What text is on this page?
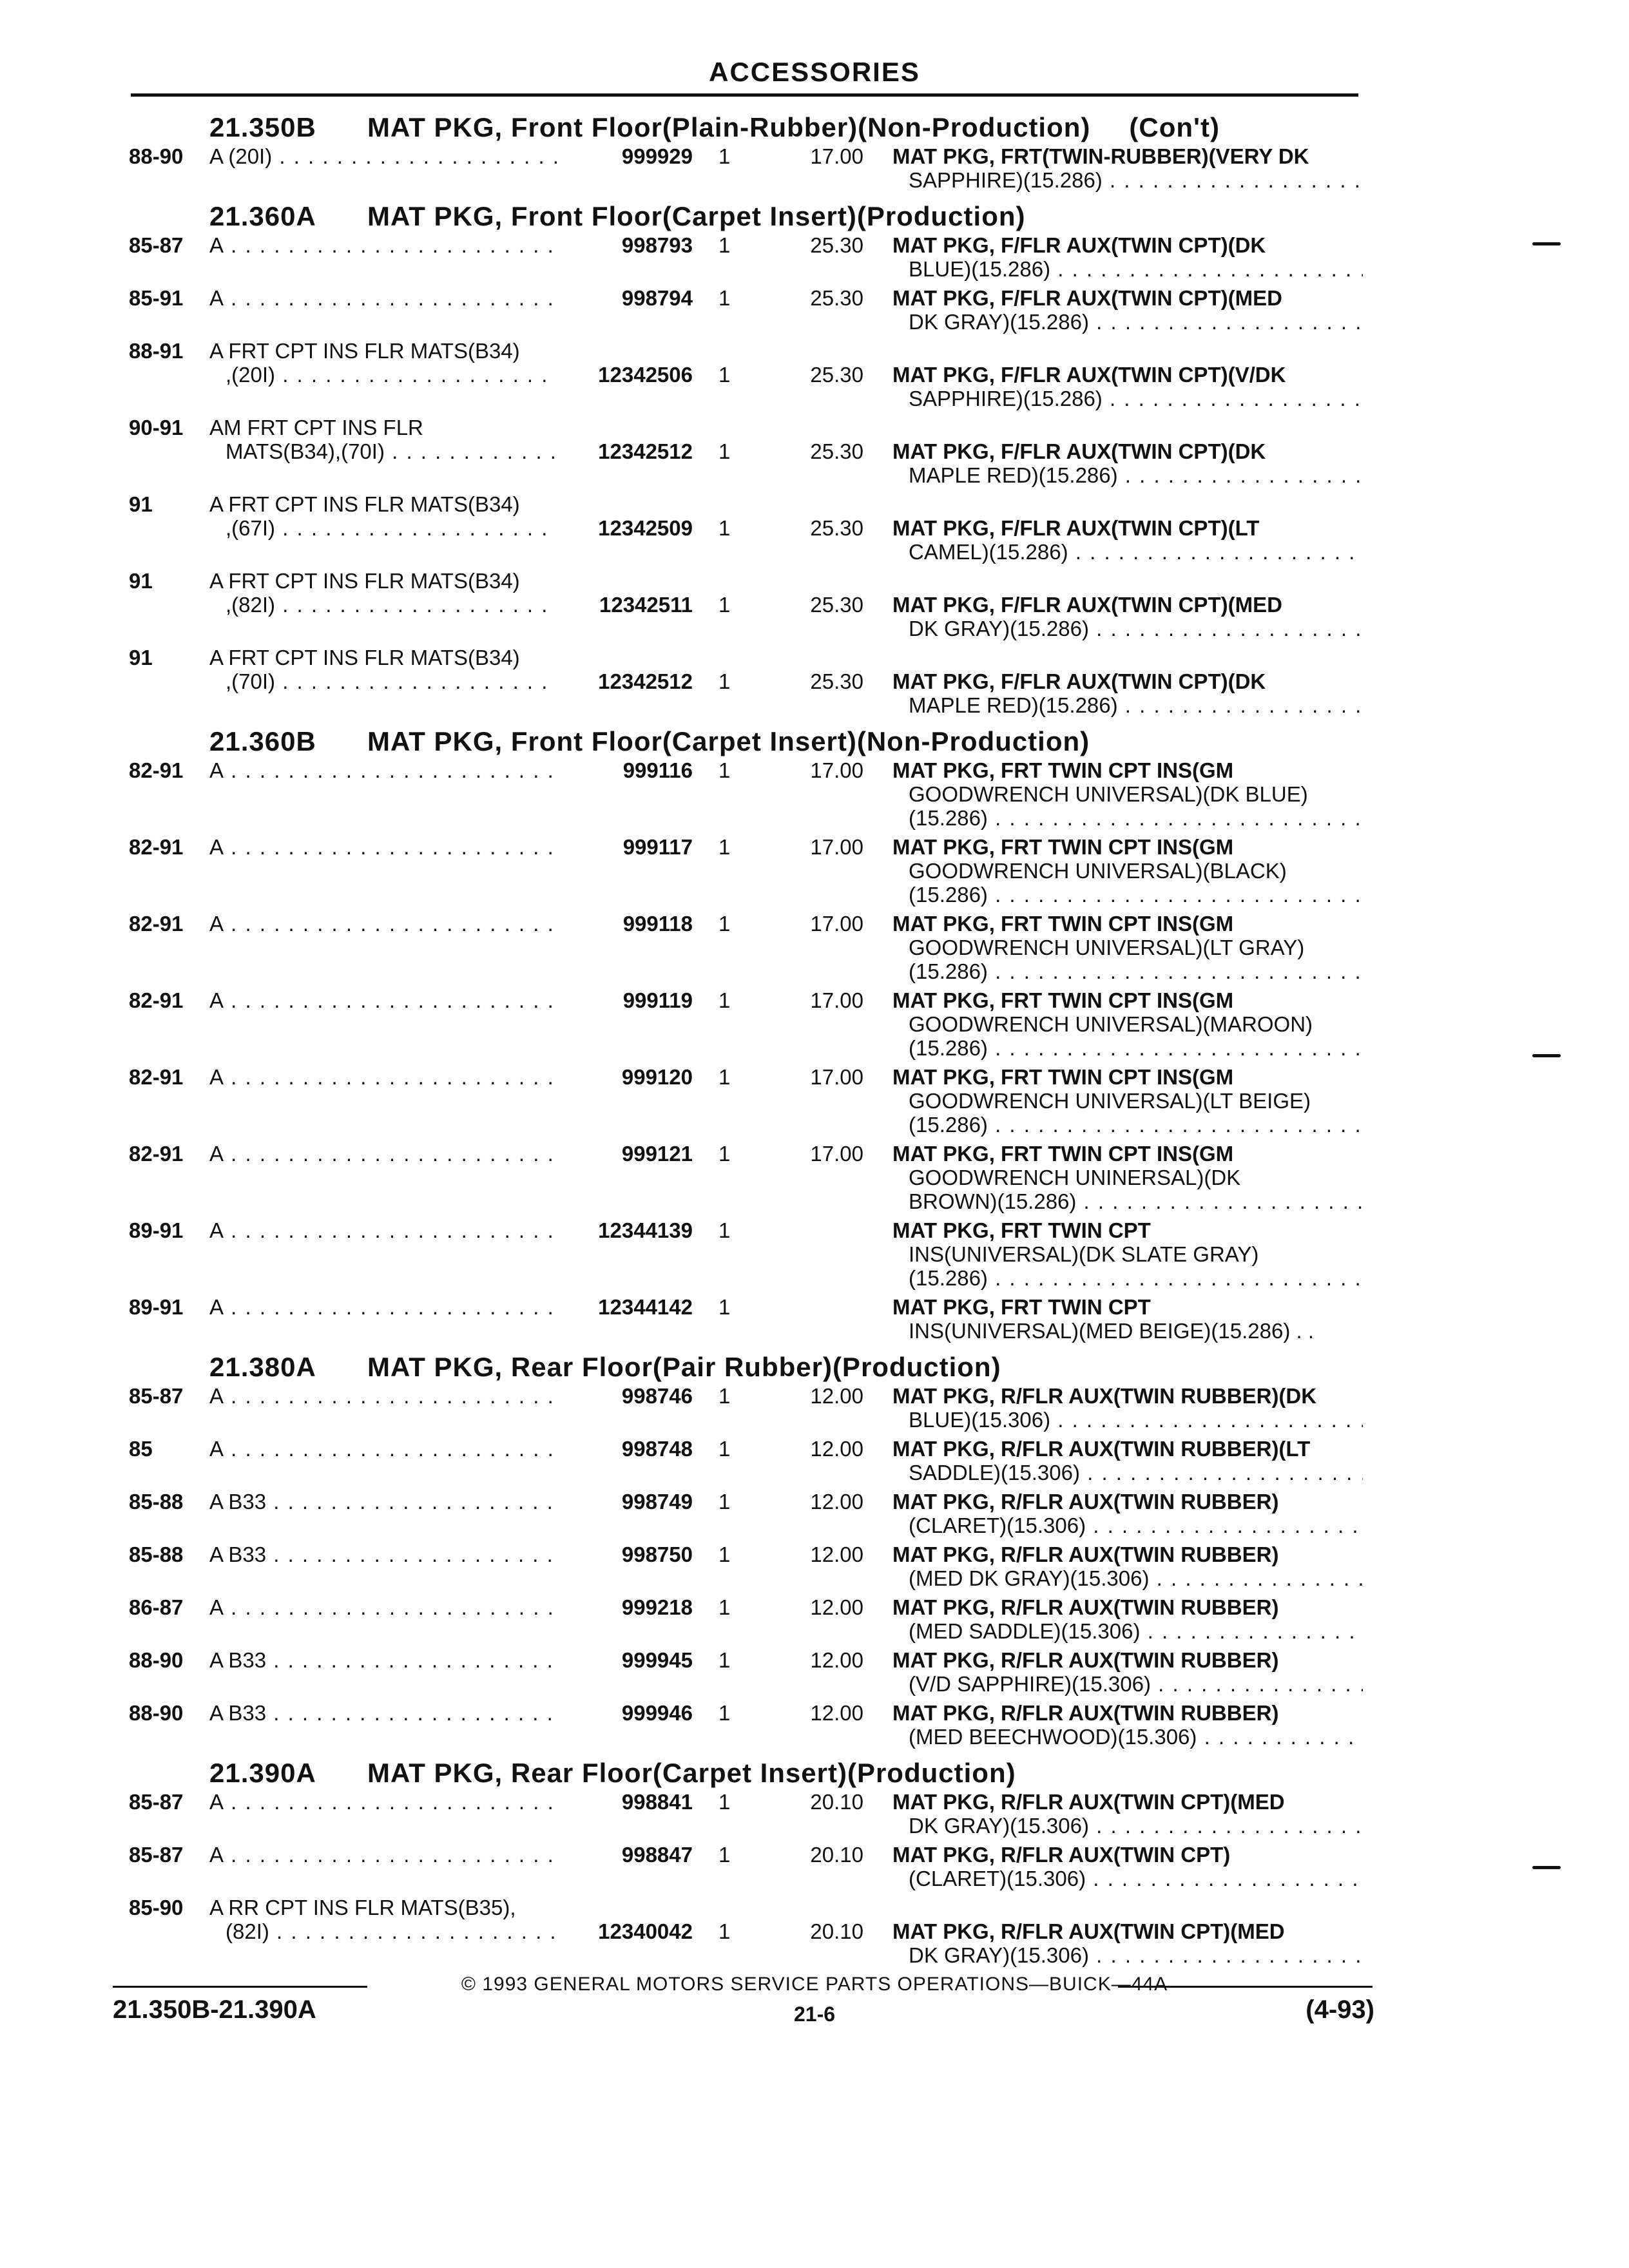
ACCESSORIES
21.350B MAT PKG, Front Floor(Plain-Rubber)(Non-Production) (Con't)
88-90 A (20I) . . .	999929 1	17.00 MAT PKG, FRT(TWIN-RUBBER)(VERY DK
SAPPHIRE)(15.286) . . .
21.360A MAT PKG, Front Floor(Carpet Insert)(Production)
85-87 A . . .	998793 1	25.30 MAT PKG, F/FLR AUX(TWIN CPT)(DK
BLUE)(15.286) . . .
85-91 A . . .	998794 1	25.30 MAT PKG, F/FLR AUX(TWIN CPT)(MED
DK GRAY)(15.286) . . .
88-91 A FRT CPT INS FLR MATS(B34)
,(20I) . . .	12342506 1	25.30 MAT PKG, F/FLR AUX(TWIN CPT)(V/DK
SAPPHIRE)(15.286) . . .
90-91 AM FRT CPT INS FLR
MATS(B34),(70I) . . .	12342512 1	25.30 MAT PKG, F/FLR AUX(TWIN CPT)(DK
MAPLE RED)(15.286) . . .
91	A FRT CPT INS FLR MATS(B34)
,(67I) . . .	12342509 1	25.30 MAT PKG, F/FLR AUX(TWIN CPT)(LT
CAMEL)(15.286) . . .
91	A FRT CPT INS FLR MATS(B34)
,(82I) . . .	12342511 1	25.30 MAT PKG, F/FLR AUX(TWIN CPT)(MED
DK GRAY)(15.286) . . .
91	A FRT CPT INS FLR MATS(B34)
,(70I) . . .	12342512 1	25.30 MAT PKG, F/FLR AUX(TWIN CPT)(DK
MAPLE RED)(15.286) . . .
21.360B MAT PKG, Front Floor(Carpet Insert)(Non-Production)
82-91 A . . .	999116 1	17.00 MAT PKG, FRT TWIN CPT INS(GM
GOODWRENCH UNIVERSAL)(DK BLUE)
(15.286) . . .
82-91 A . . .	999117 1	17.00 MAT PKG, FRT TWIN CPT INS(GM
GOODWRENCH UNIVERSAL)(BLACK)
(15.286) . . .
82-91 A . . .	999118 1	17.00 MAT PKG, FRT TWIN CPT INS(GM
GOODWRENCH UNIVERSAL)(LT GRAY)
(15.286) . . .
82-91 A . . .	999119 1	17.00 MAT PKG, FRT TWIN CPT INS(GM
GOODWRENCH UNIVERSAL)(MAROON)
(15.286) . . .
82-91 A . . .	999120 1	17.00 MAT PKG, FRT TWIN CPT INS(GM
GOODWRENCH UNIVERSAL)(LT BEIGE)
(15.286) . . .
82-91 A . . .	999121 1	17.00 MAT PKG, FRT TWIN CPT INS(GM
GOODWRENCH UNINERSAL)(DK
BROWN)(15.286) . . .
89-91 A . . .	12344139 1	MAT PKG, FRT TWIN CPT
INS(UNIVERSAL)(DK SLATE GRAY)
(15.286) . . .
89-91 A . . .	12344142 1	MAT PKG, FRT TWIN CPT
INS(UNIVERSAL)(MED BEIGE)(15.286) . .
21.380A MAT PKG, Rear Floor(Pair Rubber)(Production)
85-87 A . . .	998746 1	12.00 MAT PKG, R/FLR AUX(TWIN RUBBER)(DK
BLUE)(15.306) . . .
85	A . . .	998748 1	12.00 MAT PKG, R/FLR AUX(TWIN RUBBER)(LT
SADDLE)(15.306) . . .
85-88 A B33 . . .	998749 1	12.00 MAT PKG, R/FLR AUX(TWIN RUBBER)
(CLARET)(15.306) . . .
85-88 A B33 . . .	998750 1	12.00 MAT PKG, R/FLR AUX(TWIN RUBBER)
(MED DK GRAY)(15.306) . . .
86-87 A . . .	999218 1	12.00 MAT PKG, R/FLR AUX(TWIN RUBBER)
(MED SADDLE)(15.306) . . .
88-90 A B33 . . .	999945 1	12.00 MAT PKG, R/FLR AUX(TWIN RUBBER)
(V/D SAPPHIRE)(15.306) . . .
88-90 A B33 . . .	999946 1	12.00 MAT PKG, R/FLR AUX(TWIN RUBBER)
(MED BEECHWOOD)(15.306) . . .
21.390A MAT PKG, Rear Floor(Carpet Insert)(Production)
85-87 A . . .	998841 1	20.10 MAT PKG, R/FLR AUX(TWIN CPT)(MED
DK GRAY)(15.306) . . .
85-87 A . . .	998847 1	20.10 MAT PKG, R/FLR AUX(TWIN CPT)
(CLARET)(15.306) . . .
85-90 A RR CPT INS FLR MATS(B35),
(82I) . . .	12340042 1	20.10 MAT PKG, R/FLR AUX(TWIN CPT)(MED
DK GRAY)(15.306) . . .
© 1993 GENERAL MOTORS SERVICE PARTS OPERATIONS—BUICK—44A
21.350B-21.390A	21-6	(4-93)
